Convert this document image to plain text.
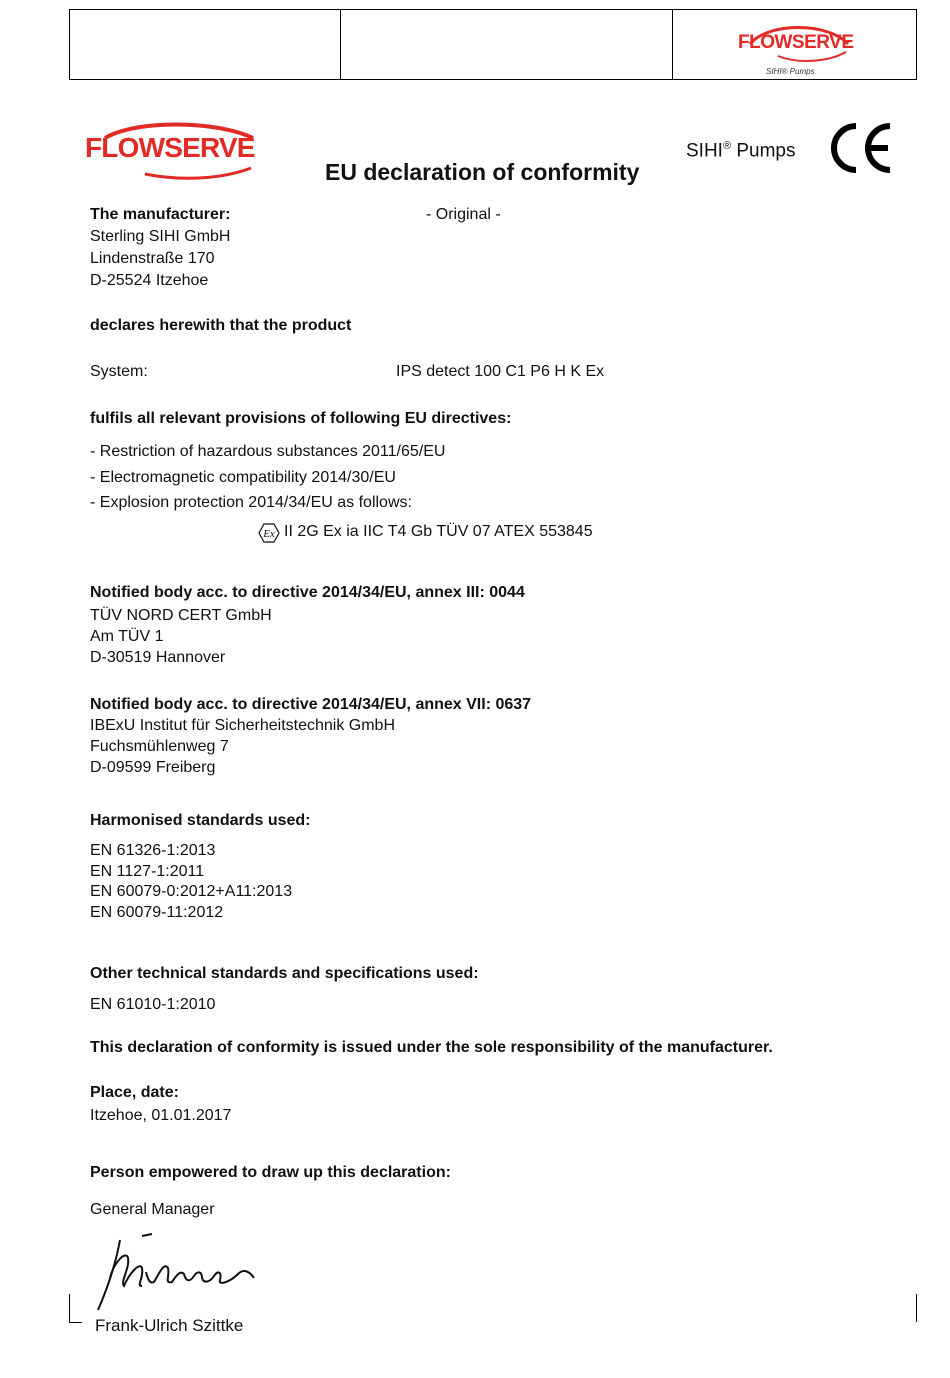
FLOWSERVE
SIHI® Pumps
FLOWSERVE
EU declaration of conformity
SIHI® Pumps
The manufacturer:	- Original -
Sterling SIHI GmbH
Lindenstraße 170
D-25524 Itzehoe
declares herewith that the product
System:	IPS detect 100 C1 P6 H K Ex
fulfils all relevant provisions of following EU directives:
- Restriction of hazardous substances 2011/65/EU
- Electromagnetic compatibility 2014/30/EU
- Explosion protection 2014/34/EU as follows:
Ex II 2G Ex ia IIC T4 Gb TÜV 07 ATEX 553845
Notified body acc. to directive 2014/34/EU, annex III: 0044
TÜV NORD CERT GmbH
Am TÜV 1
D-30519 Hannover
Notified body acc. to directive 2014/34/EU, annex VII: 0637
IBExU Institut für Sicherheitstechnik GmbH
Fuchsmühlenweg 7
D-09599 Freiberg
Harmonised standards used:
EN 61326-1:2013
EN 1127-1:2011
EN 60079-0:2012+A11:2013
EN 60079-11:2012
Other technical standards and specifications used:
EN 61010-1:2010
This declaration of conformity is issued under the sole responsibility of the manufacturer.
Place, date:
Itzehoe, 01.01.2017
Person empowered to draw up this declaration:
General Manager
Frank-Ulrich Szittke
